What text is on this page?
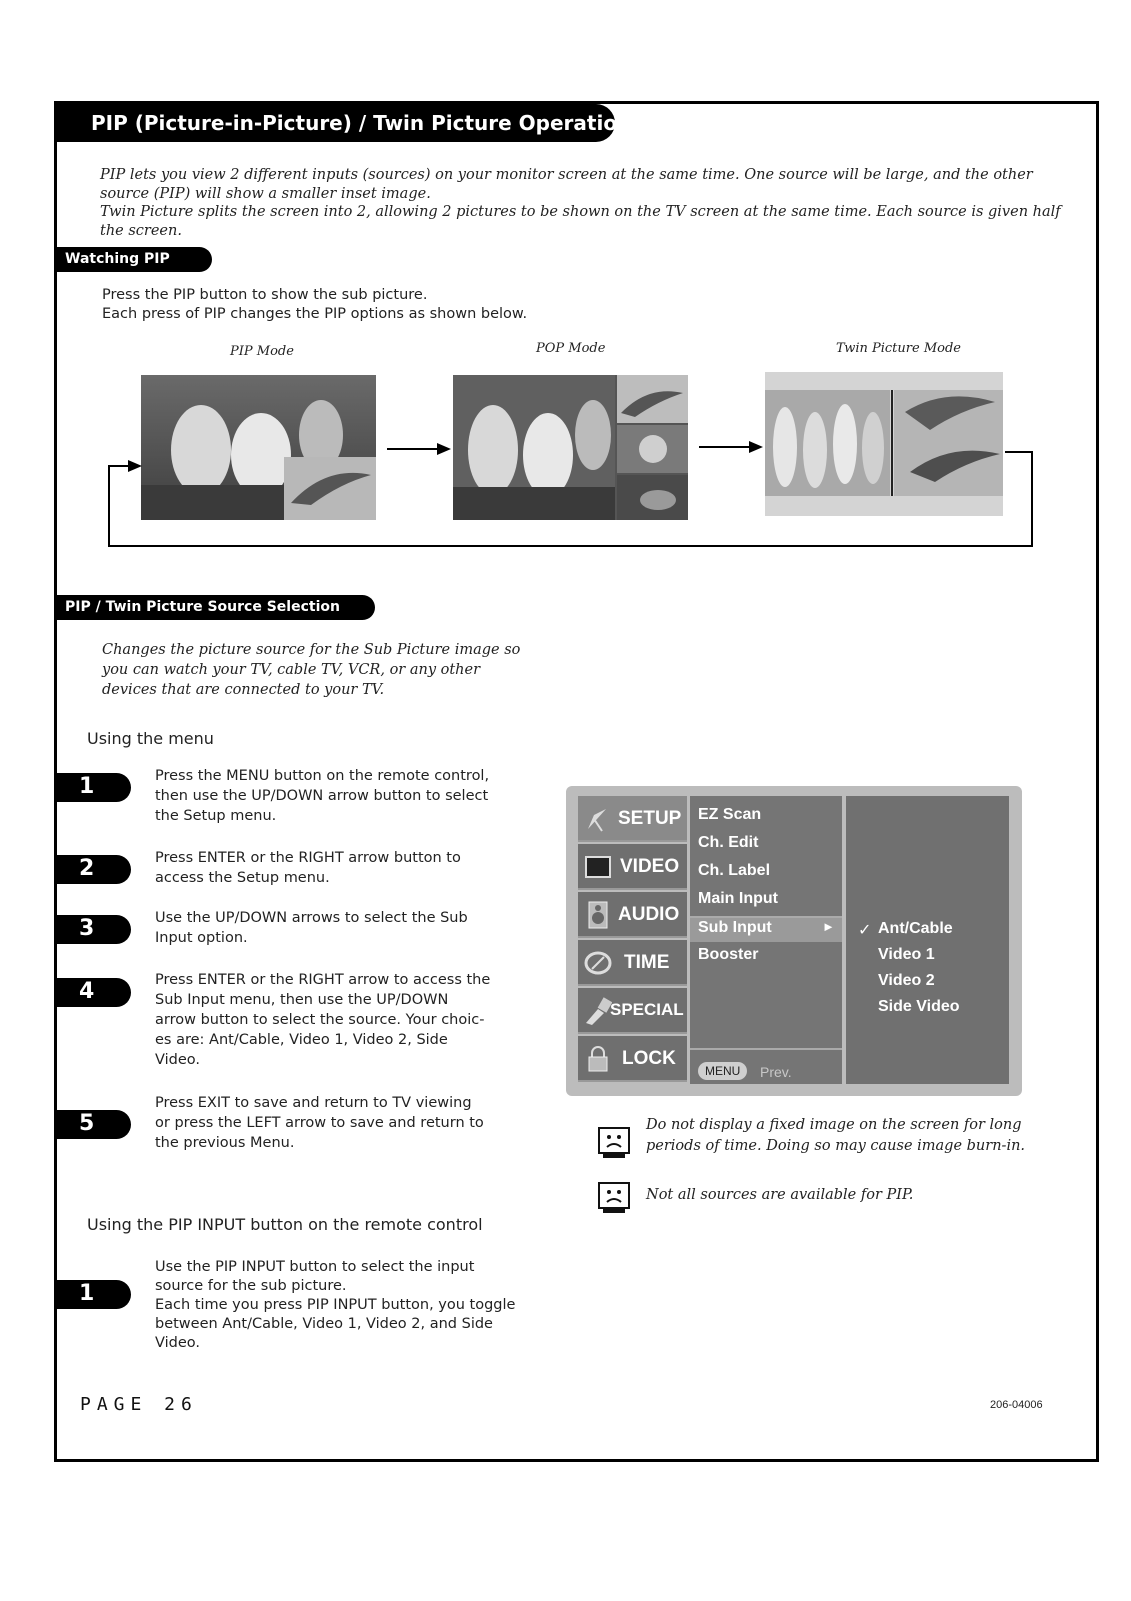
PIP (Picture-in-Picture) / Twin Picture Operation
PIP lets you view 2 different inputs (sources) on your monitor screen at the same time. One source will be large, and the other
source (PIP) will show a smaller inset image.
Twin Picture splits the screen into 2, allowing 2 pictures to be shown on the TV screen at the same time. Each source is given half
the screen.
Watching PIP
Press the PIP button to show the sub picture.
Each press of PIP changes the PIP options as shown below.
PIP Mode	POP Mode	Twin Picture Mode
PIP / Twin Picture Source Selection
Changes the picture source for the Sub Picture image so
you can watch your TV, cable TV, VCR, or any other
devices that are connected to your TV.
Using the menu
1	Press the MENU button on the remote control,
then use the UP/DOWN arrow button to select
the Setup menu.
2	Press ENTER or the RIGHT arrow button to
access the Setup menu.
3	Use the UP/DOWN arrows to select the Sub
Input option.
4	Press ENTER or the RIGHT arrow to access the
Sub Input menu, then use the UP/DOWN
arrow button to select the source. Your choic-
es are: Ant/Cable, Video 1, Video 2, Side
Video.
5
Press EXIT to save and return to TV viewing
or press the LEFT arrow to save and return to
the previous Menu.
Using the PIP INPUT button on the remote control
1
Use the PIP INPUT button to select the input
source for the sub picture.
Each time you press PIP INPUT button, you toggle
between Ant/Cable, Video 1, Video 2, and Side
Video.
SETUP
VIDEO
AUDIO
TIME
SPECIAL
LOCK
EZ Scan
Ch. Edit
Ch. Label
Main Input
Sub Input	►
Booster
MENU	Prev.
✓ Ant/Cable
Video 1
Video 2
Side Video
Do not display a fixed image on the screen for long
periods of time. Doing so may cause image burn-in.
Not all sources are available for PIP.
PAGE 26	206-04006
